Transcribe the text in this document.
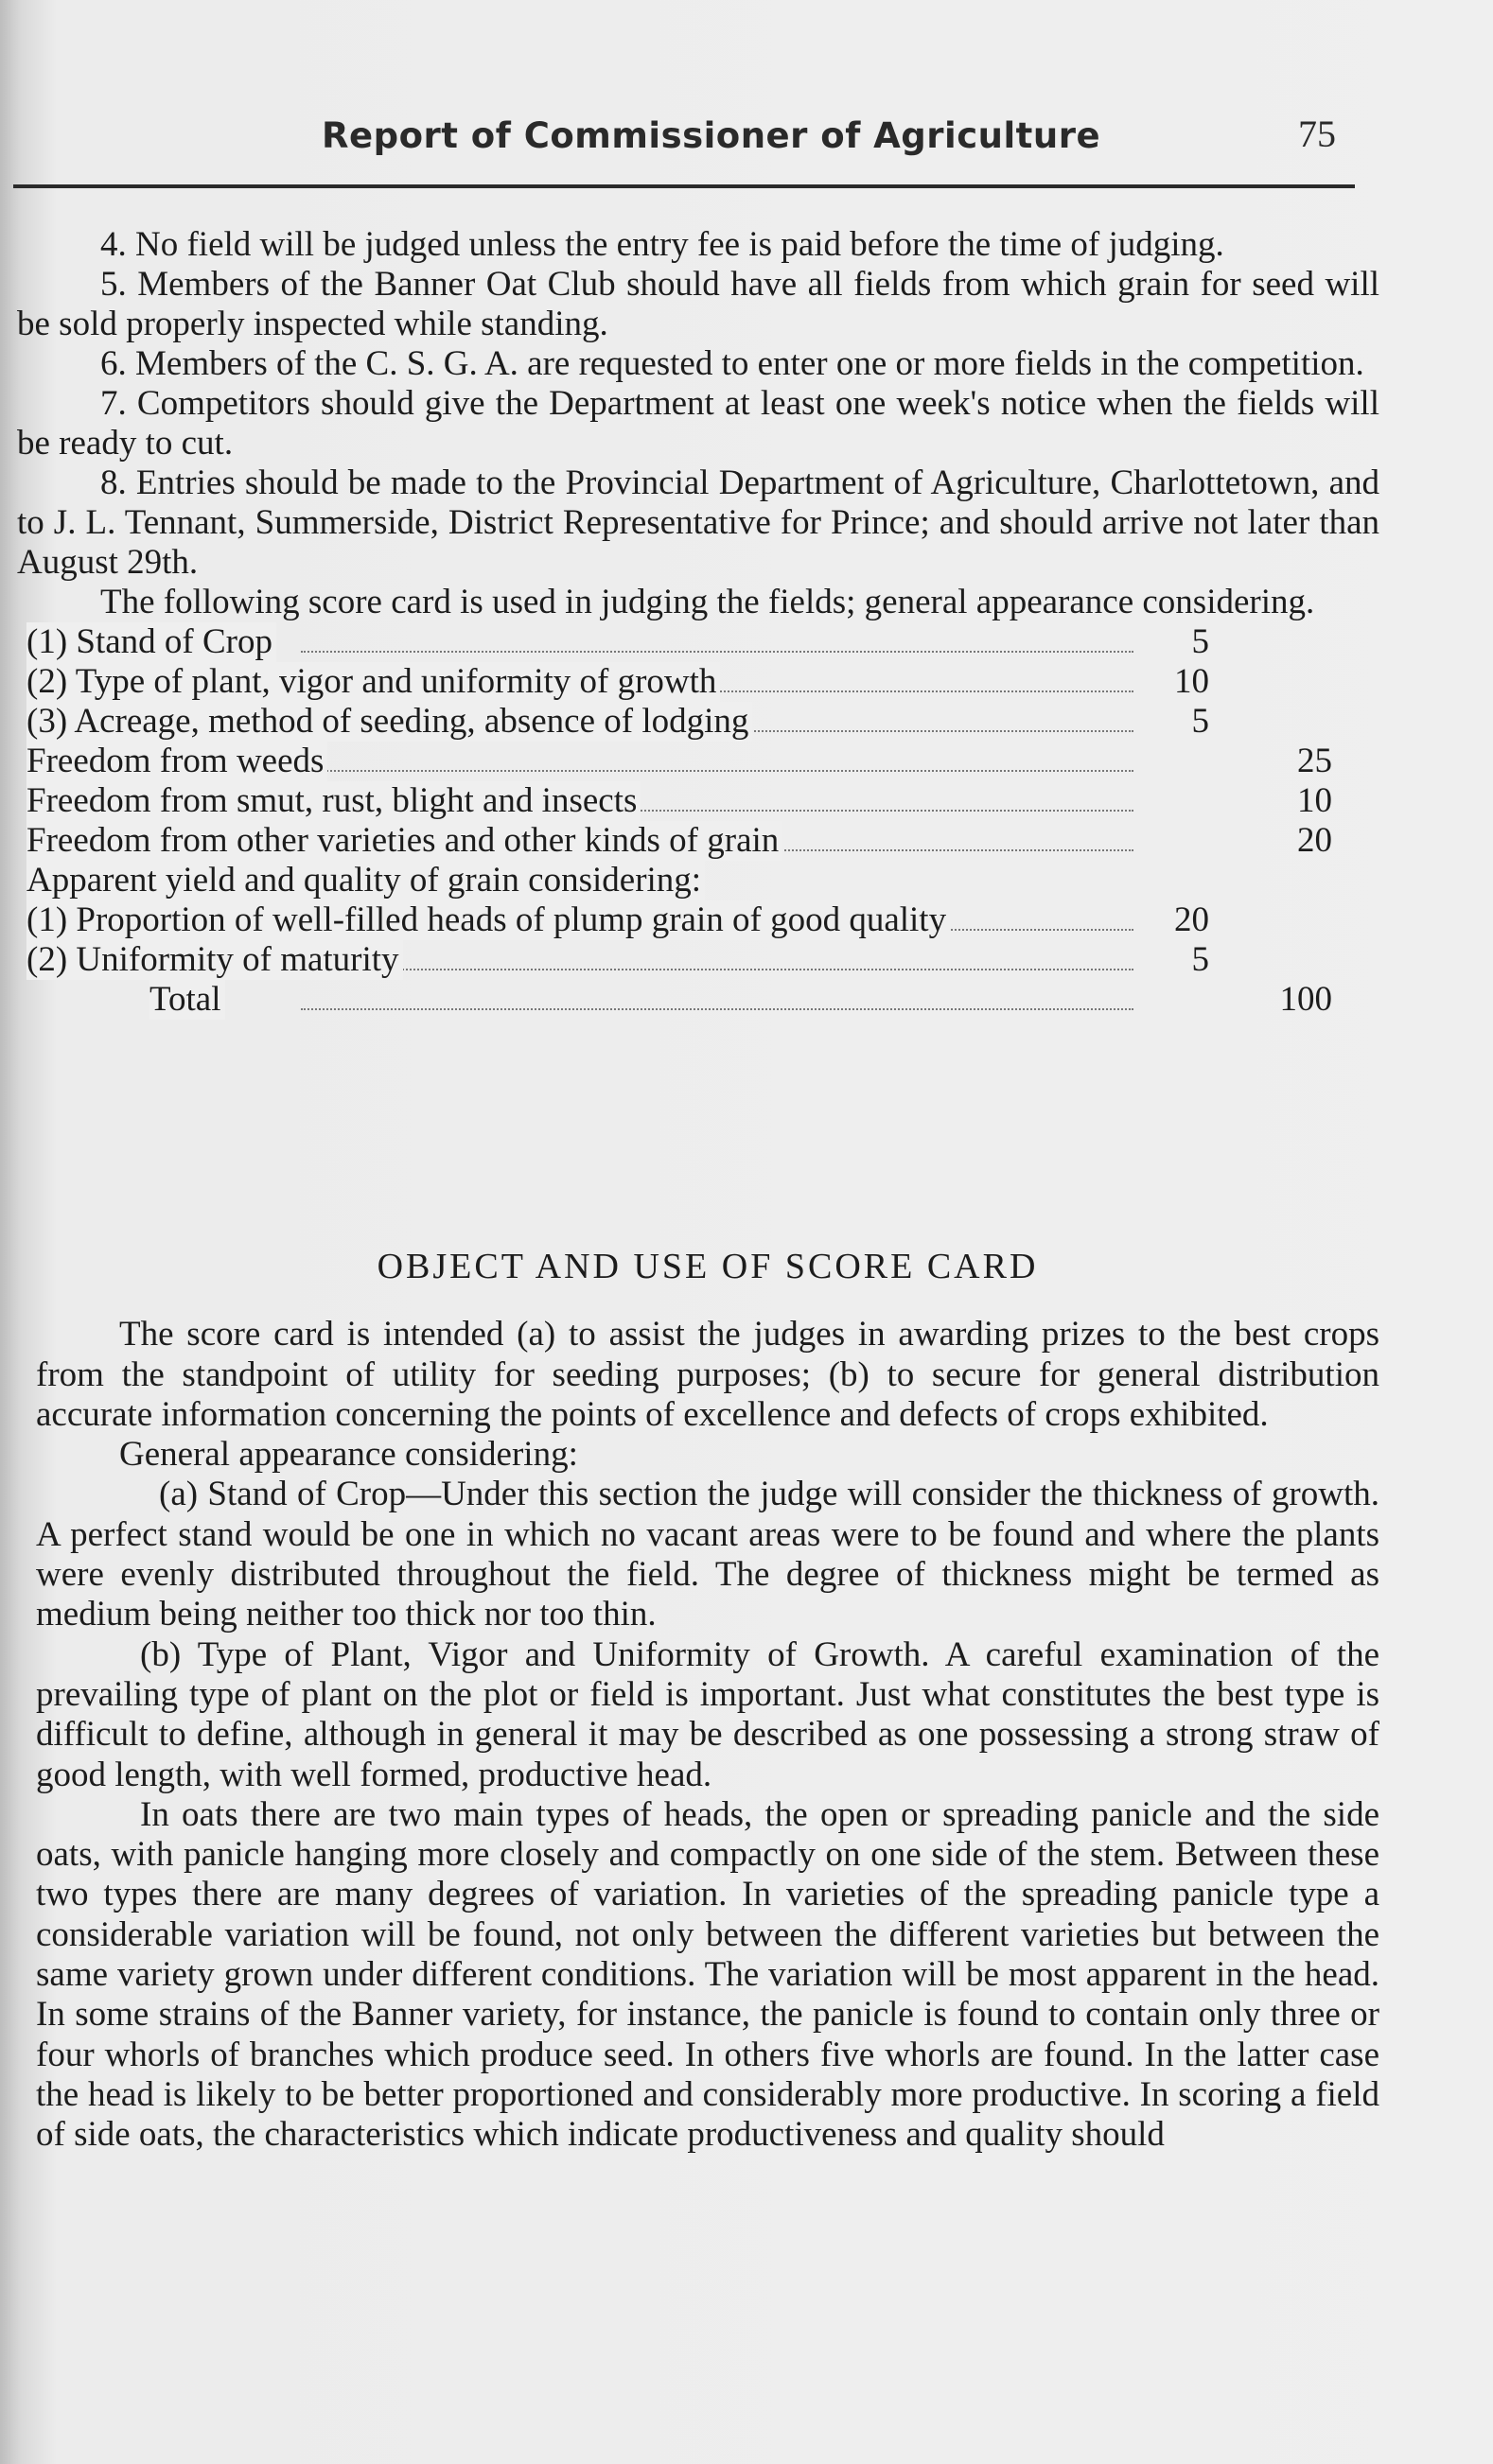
Report of Commissioner of Agriculture	75

4. No field will be judged unless the entry fee is paid before the time of judging.

5. Members of the Banner Oat Club should have all fields from which grain for seed will be sold properly inspected while standing.

6. Members of the C. S. G. A. are requested to enter one or more fields in the competition.

7. Competitors should give the Department at least one week's notice when the fields will be ready to cut.

8. Entries should be made to the Provincial Department of Agriculture, Charlottetown, and to J. L. Tennant, Summerside, District Representative for Prince; and should arrive not later than August 29th.

The following score card is used in judging the fields; general appearance considering.

(1) Stand of Crop	5
(2) Type of plant, vigor and uniformity of growth	10
(3) Acreage, method of seeding, absence of lodging	5
Freedom from weeds	25
Freedom from smut, rust, blight and insects	10
Freedom from other varieties and other kinds of grain	20
Apparent yield and quality of grain considering:
(1) Proportion of well-filled heads of plump grain of good quality	20
(2) Uniformity of maturity	5
Total	100
OBJECT AND USE OF SCORE CARD

The score card is intended (a) to assist the judges in awarding prizes to the best crops from the standpoint of utility for seeding purposes; (b) to secure for general distribution accurate information concerning the points of excellence and defects of crops exhibited.

General appearance considering:

(a) Stand of Crop—Under this section the judge will consider the thickness of growth. A perfect stand would be one in which no vacant areas were to be found and where the plants were evenly distributed throughout the field. The degree of thickness might be termed as medium being neither too thick nor too thin.

(b) Type of Plant, Vigor and Uniformity of Growth. A careful examination of the prevailing type of plant on the plot or field is important. Just what constitutes the best type is difficult to define, although in general it may be described as one possessing a strong straw of good length, with well formed, productive head.

In oats there are two main types of heads, the open or spreading panicle and the side oats, with panicle hanging more closely and compactly on one side of the stem. Between these two types there are many degrees of variation. In varieties of the spreading panicle type a considerable variation will be found, not only between the different varieties but between the same variety grown under different conditions. The variation will be most apparent in the head. In some strains of the Banner variety, for instance, the panicle is found to contain only three or four whorls of branches which produce seed. In others five whorls are found. In the latter case the head is likely to be better proportioned and considerably more productive. In scoring a field of side oats, the characteristics which indicate productiveness and quality should
